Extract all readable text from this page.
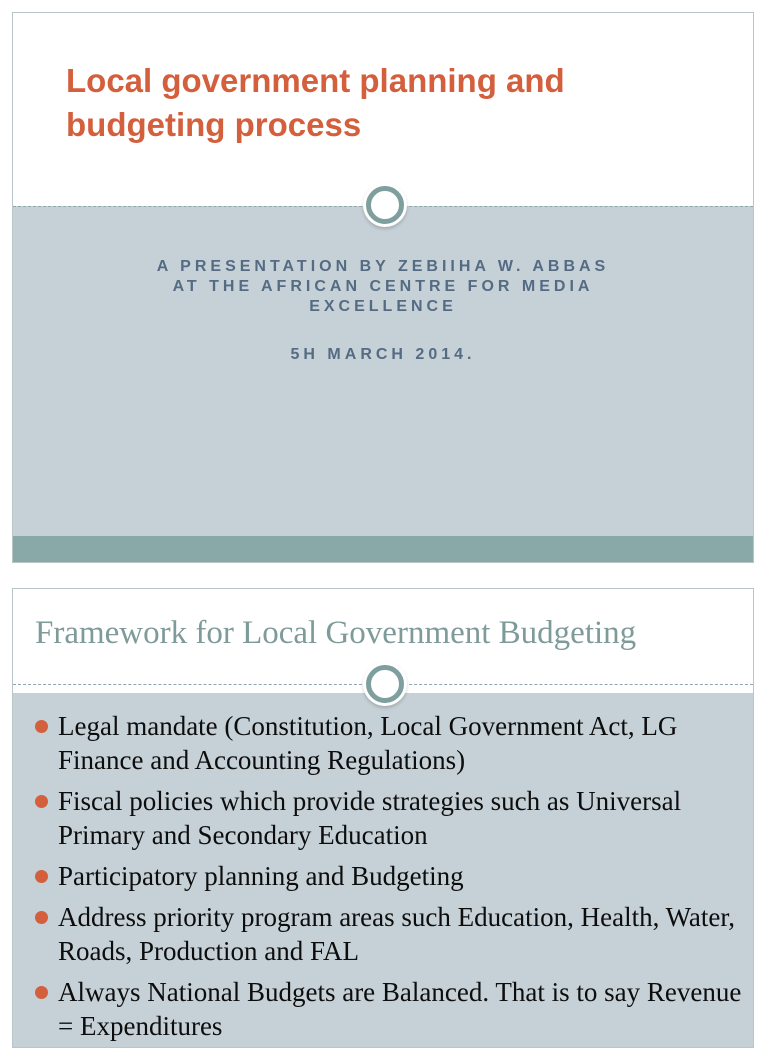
Local government planning and budgeting process
A PRESENTATION BY ZEBIIHA W. ABBAS
AT THE AFRICAN CENTRE FOR MEDIA
EXCELLENCE
5H MARCH 2014.
Framework for Local Government Budgeting
Legal mandate (Constitution, Local Government Act, LG Finance and Accounting Regulations)
Fiscal policies which provide strategies such as Universal Primary and Secondary Education
Participatory planning and Budgeting
Address priority program areas such Education, Health, Water, Roads, Production and FAL
Always National Budgets are Balanced. That is to say Revenue = Expenditures
